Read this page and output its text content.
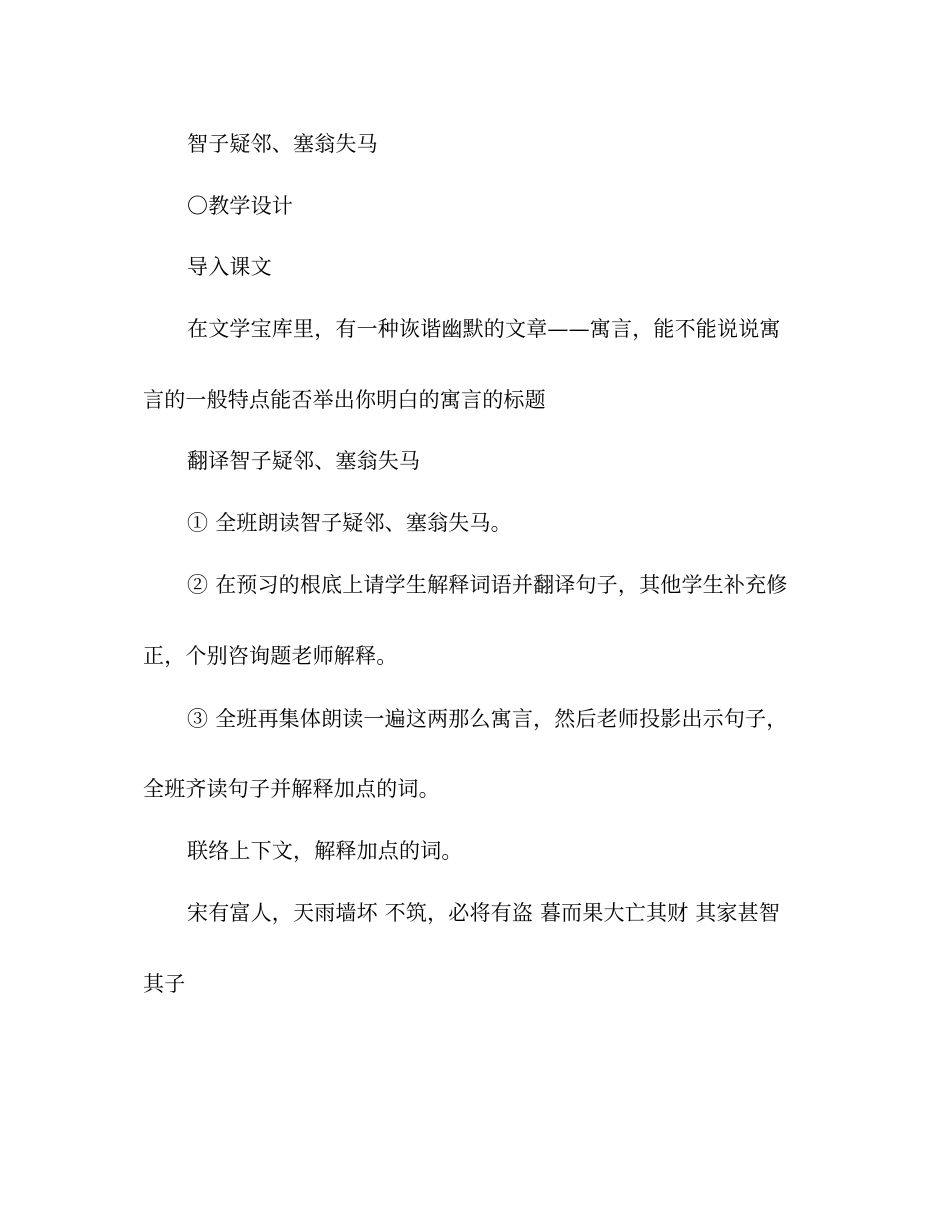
智子疑邻、塞翁失马

〇教学设计

导入课文

在文学宝库里，有一种诙谐幽默的文章——寓言，能不能说说寓

言的一般特点能否举出你明白的寓言的标题

翻译智子疑邻、塞翁失马

① 全班朗读智子疑邻、塞翁失马。

② 在预习的根底上请学生解释词语并翻译句子，其他学生补充修

正，个别咨询题老师解释。

③ 全班再集体朗读一遍这两那么寓言，然后老师投影出示句子，

全班齐读句子并解释加点的词。

联络上下文，解释加点的词。

宋有富人，天雨墙坏 不筑，必将有盗 暮而果大亡其财 其家甚智

其子
